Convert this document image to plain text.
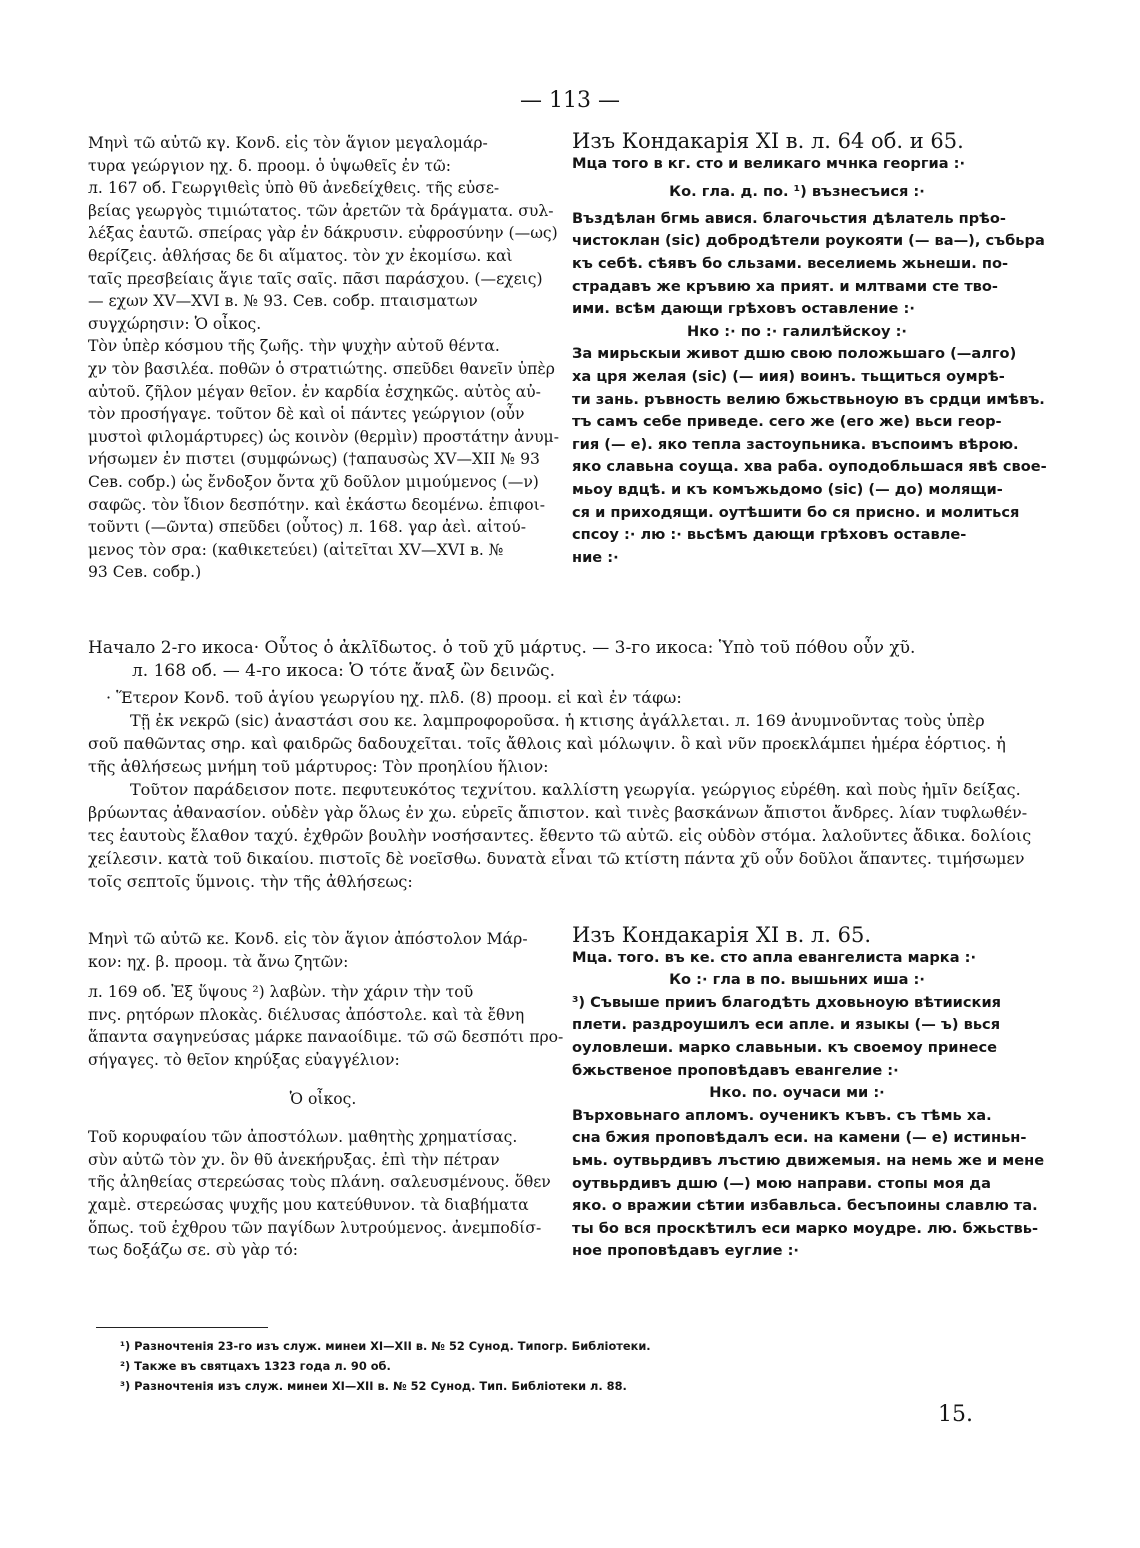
— 113 —
Μηνὶ τῶ αὐτῶ κγ. Κονδ. εἰς τὸν ἅγιον μεγαλομάρ-
τυρα γεώργιον ηχ. δ. προομ. ὁ ὑψωθεῖς ἐν τῶ:
л. 167 об. Γεωργιθεὶς ὑπὸ θῦ ἀνεδείχθεις. τῆς εὐσε-
βείας γεωργὸς τιμιώτατος. τῶν ἀρετῶν τὰ δράγματα. συλ-
λέξας ἑαυτῶ. σπείρας γὰρ ἐν δάκρυσιν. εὐφροσύνην (—ως)
θερίζεις. ἀθλήσας δε δι αἵματος. τὸν χν ἐκομίσω. καὶ
ταῖς πρεσβείαις ἅγιε ταῖς σαῖς. πᾶσι παράσχου. (—εχεις)
— εχων XV—XVI в. № 93. Сев. собр. πταισματων
συγχώρησιν: Ὁ οἶκος.
Τὸν ὑπὲρ κόσμου τῆς ζωῆς. τὴν ψυχὴν αὐτοῦ θέντα.
χν τὸν βασιλέα. ποθῶν ὁ στρατιώτης. σπεῦδει θανεῖν ὑπὲρ
αὐτοῦ. ζῆλον μέγαν θεῖον. ἐν καρδία ἐσχηκῶς. αὐτὸς αὐ-
τὸν προσήγαγε. τοῦτον δὲ καὶ οἱ πάντες γεώργιον (οὖν
μυστοὶ φιλομάρτυρες) ὡς κοινὸν (θερμὶν) προστάτην ἀνυμ-
νήσωμεν ἐν πιστει (συμφώνως) (†απαυσὼς XV—XII № 93
Сев. собр.) ὡς ἔνδοξον ὄντα χῦ δοῦλον μιμούμενος (—ν)
σαφῶς. τὸν ἴδιον δεσπότην. καὶ ἑκάστω δεομένω. ἐπιφοι-
τοῦντι (—ῶντα) σπεῦδει (οὗτος) л. 168. γαρ ἀεὶ. αἰτού-
μενος τὸν σρα: (καθικετεύει) (αἰτεῖται XV—XVI в. №
93 Сев. собр.)
Изъ Кондакарія XI в. л. 64 об. и 65.
Мца того в кг. сто и великаго мчнка георгиа :·
Ко. гла. д. по. ¹) възнесъися :·
Въздѣлан бгмь авися. благочьстия дѣлатель прѣо-
чистоклан (sic) добродѣтели роукояти (— ва—), събьра
къ себѣ. сѣявъ бо сльзами. веселиемь жьнеши. по-
страдавъ же кръвию ха прият. и млтвами сте тво-
ими. всѣм дающи грѣховъ оставление :·
Нко :· по :· галилѣйскоу :·
За мирьскыи живот дшю свою положьшаго (—алго)
ха цря желая (sic) (— иия) воинъ. тьщиться оумрѣ-
ти зань. ръвность велию бжьствьноую въ срдци имѣвъ.
тъ самъ себе приведе. сего же (его же) вьси геор-
гия (— е). яко тепла застоупьника. въспоимъ вѣрою.
яко славьна соуща. хва раба. оуподобльшася явѣ свое-
мьоу вдцѣ. и къ комъжьдомо (sic) (— до) молящи-
ся и приходящи. оутѣшити бо ся присно. и молиться
спсоу :· лю :· вьсѣмъ дающи грѣховъ оставле-
ние :·
Начало 2-го икоса· Οὗτος ὁ ἀκλῖδωτος. ὁ τοῦ χῦ μάρτυς. — 3-го икоса: Ὑπὸ τοῦ πόθου οὖν χῦ.
л. 168 об. — 4-го икоса: Ὁ τότε ἄναξ ὢν δεινῶς.
· Ἕτερον Κονδ. τοῦ ἁγίου γεωργίου ηχ. πλδ. (8) προομ. εἰ καὶ ἐν τάφω:
Τῇ ἐκ νεκρῶ (sic) ἀναστάσι σου κε. λαμπροφοροῦσα. ἡ κτισης ἀγάλλεται. л. 169 ἀνυμνοῦντας τοὺς ὑπὲρ
σοῦ παθῶντας σηρ. καὶ φαιδρῶς δαδουχεῖται. τοῖς ἄθλοις καὶ μόλωψιν. ὃ καὶ νῦν προεκλάμπει ἡμέρα ἑόρτιος. ἡ
τῆς ἀθλήσεως μνήμη τοῦ μάρτυρος: Τὸν προηλίου ἥλιον:
Τοῦτον παράδεισον ποτε. πεφυτευκότος τεχνίτου. καλλίστη γεωργία. γεώργιος εὑρέθη. καὶ ποὺς ἡμῖν δείξας.
βρύωντας ἀθανασίον. οὐδὲν γὰρ ὅλως ἐν χω. εὑρεῖς ἄπιστον. καὶ τινὲς βασκάνων ἄπιστοι ἄνδρες. λίαν τυφλωθέν-
τες ἑαυτοὺς ἔλαθον ταχύ. ἐχθρῶν βουλὴν νοσήσαντες. ἔθεντο τῶ αὐτῶ. εἰς οὐδὸν στόμα. λαλοῦντες ἄδικα. δολίοις
χείλεσιν. κατὰ τοῦ δικαίου. πιστοῖς δὲ νοεῖσθω. δυνατὰ εἶναι τῶ κτίστη πάντα χῦ οὖν δοῦλοι ἅπαντες. τιμήσωμεν
τοῖς σεπτοῖς ὕμνοις. τὴν τῆς ἀθλήσεως:
Μηνὶ τῶ αὐτῶ κε. Κονδ. εἰς τὸν ἅγιον ἀπόστολον Μάρ-
κον: ηχ. β. προομ. τὰ ἄνω ζητῶν:
л. 169 об. Ἐξ ὕψους ²) λαβὼν. τὴν χάριν τὴν τοῦ
πνς. ρητόρων πλοκὰς. διέλυσας ἀπόστολε. καὶ τὰ ἔθνη
ἅπαντα σαγηνεύσας μάρκε παναοίδιμε. τῶ σῶ δεσπότι προ-
σήγαγες. τὸ θεῖον κηρύξας εὐαγγέλιον:
Ὁ οἶκος.
Τοῦ κορυφαίου τῶν ἀποστόλων. μαθητὴς χρηματίσας.
σὺν αὐτῶ τὸν χν. ὃν θῦ ἀνεκήρυξας. ἐπὶ τὴν πέτραν
τῆς ἀληθείας στερεώσας τοὺς πλάνη. σαλευσμένους. ὅθεν
χαμὲ. στερεώσας ψυχῆς μου κατεύθυνον. τὰ διαβήματα
ὅπως. τοῦ ἐχθρου τῶν παγίδων λυτρούμενος. ἀνεμποδίσ-
τως δοξάζω σε. σὺ γὰρ τό:
Изъ Кондакарія XI в. л. 65.
Мца. того. въ ке. сто апла евангелиста марка :·
Ко :· гла в по. вышьних иша :·
³) Съвыше прииъ благодѣть дховьноую вѣтииския
плети. раздроушилъ еси апле. и языкы (— ъ) вься
оуловлеши. марко славьныи. къ своемоу принесе
бжьственое проповѣдавъ евангелие :·
Нко. по. оучаси ми :·
Върховьнаго апломъ. оученикъ къвъ. съ тѣмь ха.
сна бжия проповѣдалъ еси. на камени (— е) истиньн-
ьмь. оутвьрдивъ лъстию движемыя. на немь же и мене
оутвьрдивъ дшю (—) мою направи. стопы моя да
яко. о вражии сѣтии избавльса. бесъпоины славлю та.
ты бо вся проскѣтилъ еси марко моудре. лю. бжьствь-
ное проповѣдавъ еуглие :·
¹) Разночтенія 23-го изъ служ. минеи XI—XII в. № 52 Сунод. Типогр. Библіотеки.
²) Также въ святцахъ 1323 года л. 90 об.
³) Разночтенія изъ служ. минеи XI—XII в. № 52 Сунод. Тип. Библіотеки л. 88.
15.
